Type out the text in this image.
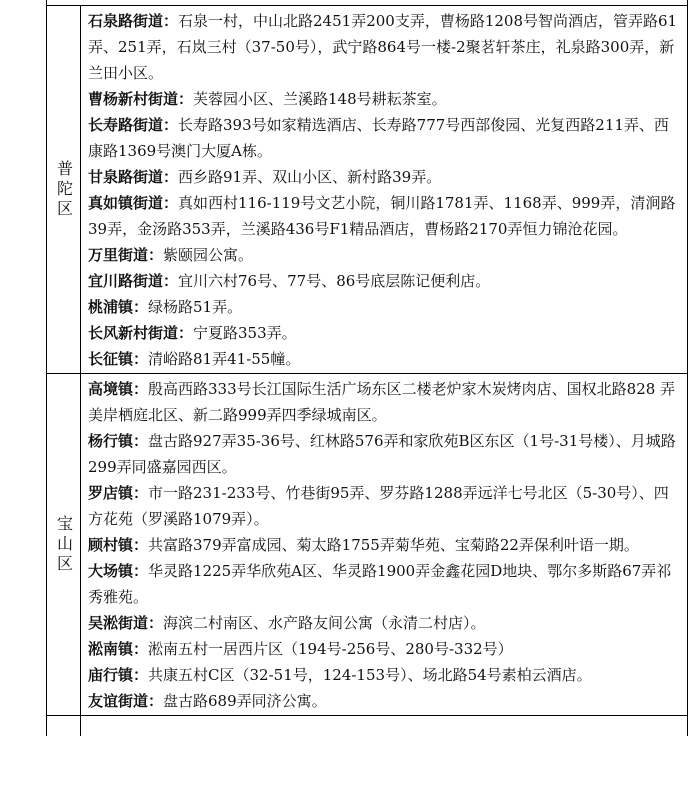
普陀区

石泉路街道：石泉一村，中山北路2451弄200支弄，曹杨路1208号智尚酒店，管弄路61弄、251弄，石岚三村（37-50号），武宁路864号一楼-2聚茗轩茶庄，礼泉路300弄，新兰田小区。

曹杨新村街道：芙蓉园小区、兰溪路148号耕耘茶室。

长寿路街道：长寿路393号如家精选酒店、长寿路777号西部俊园、光复西路211弄、西康路1369号澳门大厦A栋。

甘泉路街道：西乡路91弄、双山小区、新村路39弄。

真如镇街道：真如西村116-119号文艺小院，铜川路1781弄、1168弄、999弄，清涧路39弄，金汤路353弄，兰溪路436号F1精品酒店，曹杨路2170弄恒力锦沧花园。

万里街道：紫颐园公寓。

宜川路街道：宜川六村76号、77号、86号底层陈记便利店。

桃浦镇：绿杨路51弄。

长风新村街道：宁夏路353弄。

长征镇：清峪路81弄41-55幢。

宝山区

高境镇：殷高西路333号长江国际生活广场东区二楼老炉家木炭烤肉店、国权北路828 弄美岸栖庭北区、新二路999弄四季绿城南区。

杨行镇：盘古路927弄35-36号、红林路576弄和家欣苑B区东区（1号-31号楼）、月城路299弄同盛嘉园西区。

罗店镇：市一路231-233号、竹巷街95弄、罗芬路1288弄远洋七号北区（5-30号）、四方花苑（罗溪路1079弄）。

顾村镇：共富路379弄富成园、菊太路1755弄菊华苑、宝菊路22弄保利叶语一期。

大场镇：华灵路1225弄华欣苑A区、华灵路1900弄金鑫花园D地块、鄂尔多斯路67弄祁秀雅苑。

吴淞街道：海滨二村南区、水产路友间公寓（永清二村店）。

淞南镇：淞南五村一居西片区（194号-256号、280号-332号）

庙行镇：共康五村C区（32-51号，124-153号）、场北路54号素柏云酒店。

友谊街道：盘古路689弄同济公寓。
